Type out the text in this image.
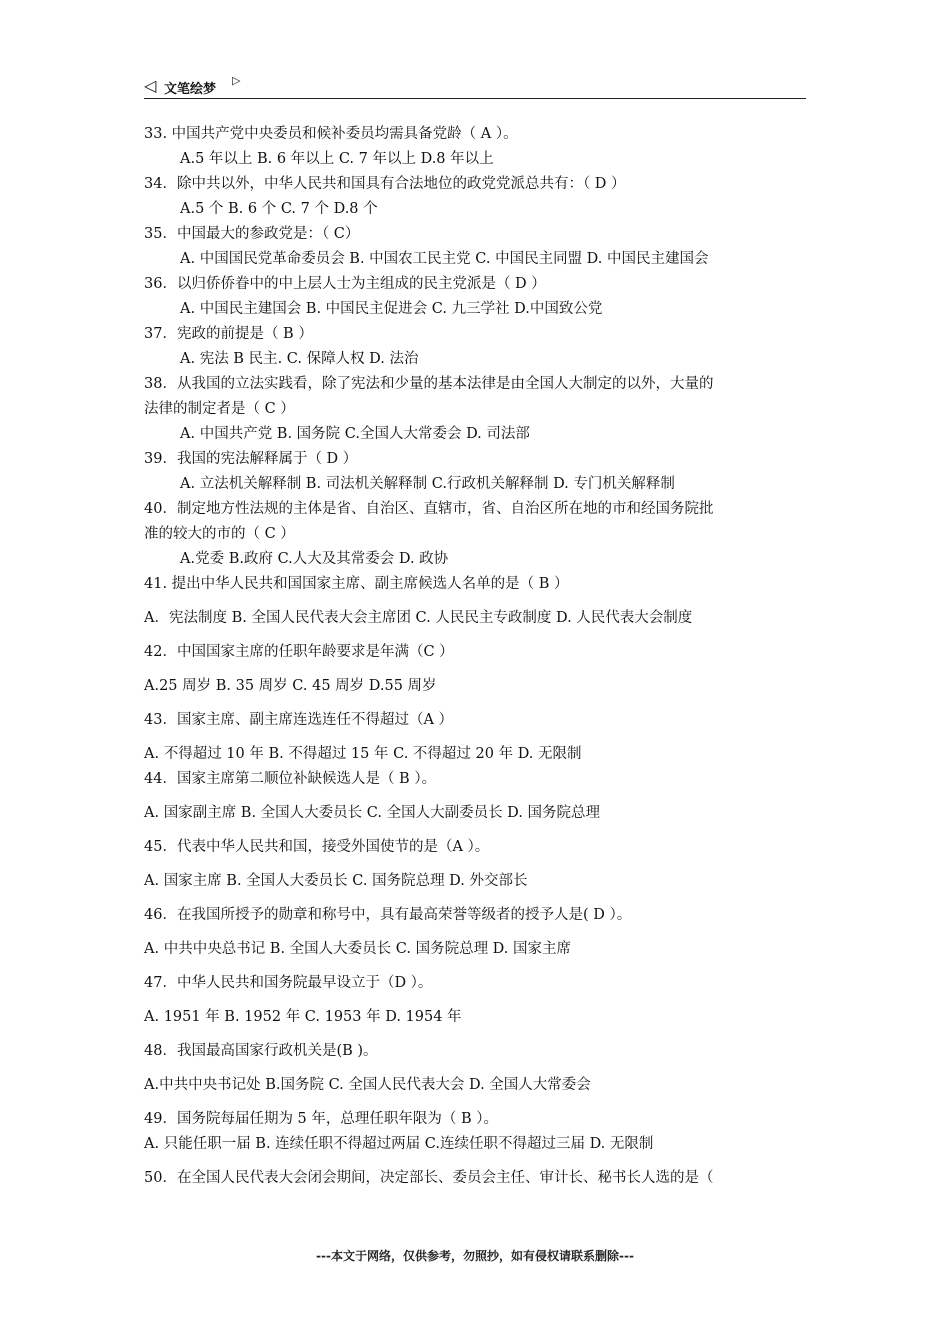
◁ 文笔绘梦
▷
33. 中国共产党中央委员和候补委员均需具备党龄（ A ）。
A.5 年以上 B. 6 年以上 C. 7 年以上 D.8 年以上
34．除中共以外，中华人民共和国具有合法地位的政党党派总共有：（ D ）
A.5 个 B. 6 个 C. 7 个 D.8 个
35．中国最大的参政党是：（ C）
A. 中国国民党革命委员会 B. 中国农工民主党 C. 中国民主同盟 D. 中国民主建国会
36．以归侨侨眷中的中上层人士为主组成的民主党派是（ D ）
A. 中国民主建国会 B. 中国民主促进会 C. 九三学社 D.中国致公党
37．宪政的前提是（ B ）
A. 宪法 B 民主. C. 保障人权 D. 法治
38．从我国的立法实践看，除了宪法和少量的基本法律是由全国人大制定的以外，大量的
法律的制定者是（ C ）
A. 中国共产党 B. 国务院 C.全国人大常委会 D. 司法部
39．我国的宪法解释属于（ D ）
A. 立法机关解释制 B. 司法机关解释制 C.行政机关解释制 D. 专门机关解释制
40．制定地方性法规的主体是省、自治区、直辖市，省、自治区所在地的市和经国务院批
准的较大的市的（ C ）
A.党委 B.政府 C.人大及其常委会 D. 政协
41. 提出中华人民共和国国家主席、副主席候选人名单的是（ B ）
A．宪法制度 B. 全国人民代表大会主席团 C. 人民民主专政制度 D. 人民代表大会制度
42．中国国家主席的任职年龄要求是年满（C ）
A.25 周岁 B. 35 周岁 C. 45 周岁 D.55 周岁
43．国家主席、副主席连选连任不得超过（A ）
A. 不得超过 10 年 B. 不得超过 15 年 C. 不得超过 20 年 D. 无限制
44．国家主席第二顺位补缺候选人是（ B ）。
A. 国家副主席 B. 全国人大委员长 C. 全国人大副委员长 D. 国务院总理
45．代表中华人民共和国，接受外国使节的是（A ）。
A. 国家主席 B. 全国人大委员长 C. 国务院总理 D. 外交部长
46．在我国所授予的勋章和称号中，具有最高荣誉等级者的授予人是( D ）。
A. 中共中央总书记 B. 全国人大委员长 C. 国务院总理 D. 国家主席
47．中华人民共和国务院最早设立于（D ）。
A. 1951 年 B. 1952 年 C. 1953 年 D. 1954 年
48．我国最高国家行政机关是(B )。
A.中共中央书记处 B.国务院 C. 全国人民代表大会 D. 全国人大常委会
49．国务院每届任期为 5 年，总理任职年限为（ B ）。
A. 只能任职一届 B. 连续任职不得超过两届 C.连续任职不得超过三届 D. 无限制
50．在全国人民代表大会闭会期间，决定部长、委员会主任、审计长、秘书长人选的是（
---本文于网络，仅供参考，勿照抄，如有侵权请联系删除---
